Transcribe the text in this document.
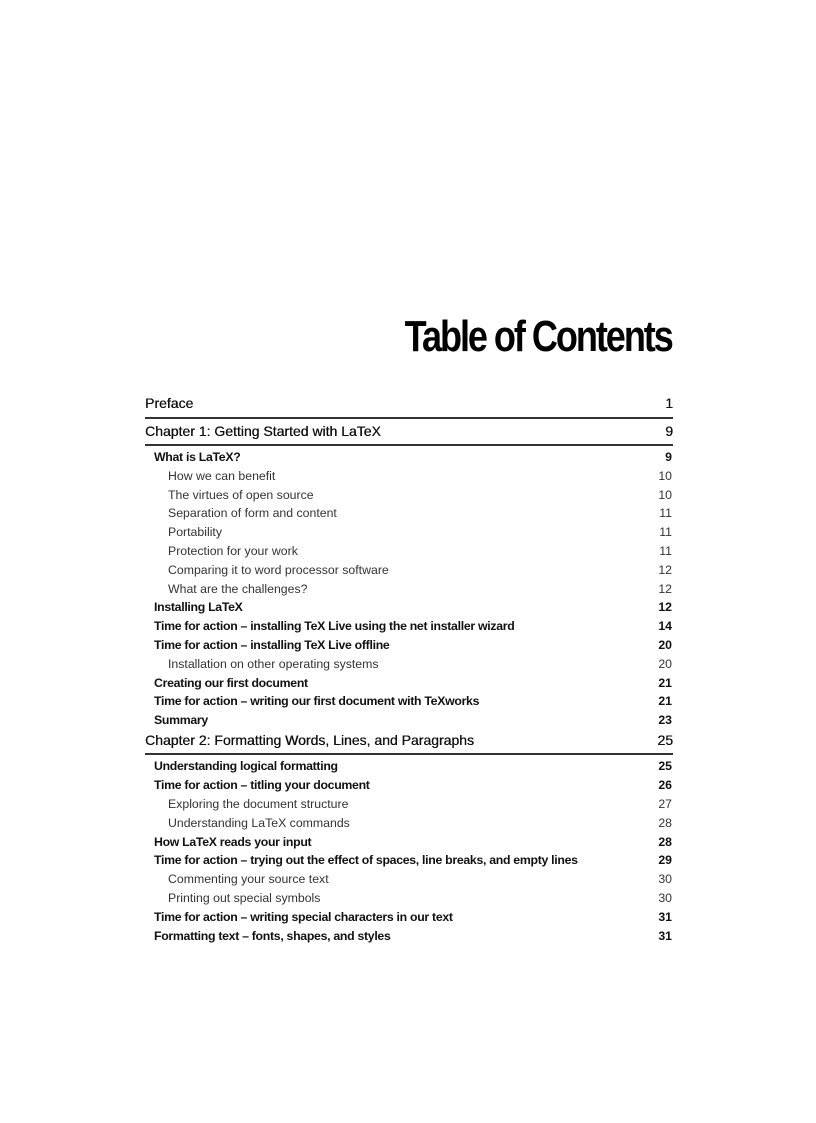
Table of Contents
Preface	1
Chapter 1: Getting Started with LaTeX	9
What is LaTeX?	9
How we can benefit	10
The virtues of open source	10
Separation of form and content	11
Portability	11
Protection for your work	11
Comparing it to word processor software	12
What are the challenges?	12
Installing LaTeX	12
Time for action – installing TeX Live using the net installer wizard	14
Time for action – installing TeX Live offline	20
Installation on other operating systems	20
Creating our first document	21
Time for action – writing our first document with TeXworks	21
Summary	23
Chapter 2: Formatting Words, Lines, and Paragraphs	25
Understanding logical formatting	25
Time for action – titling your document	26
Exploring the document structure	27
Understanding LaTeX commands	28
How LaTeX reads your input	28
Time for action – trying out the effect of spaces, line breaks, and empty lines	29
Commenting your source text	30
Printing out special symbols	30
Time for action – writing special characters in our text	31
Formatting text – fonts, shapes, and styles	31
